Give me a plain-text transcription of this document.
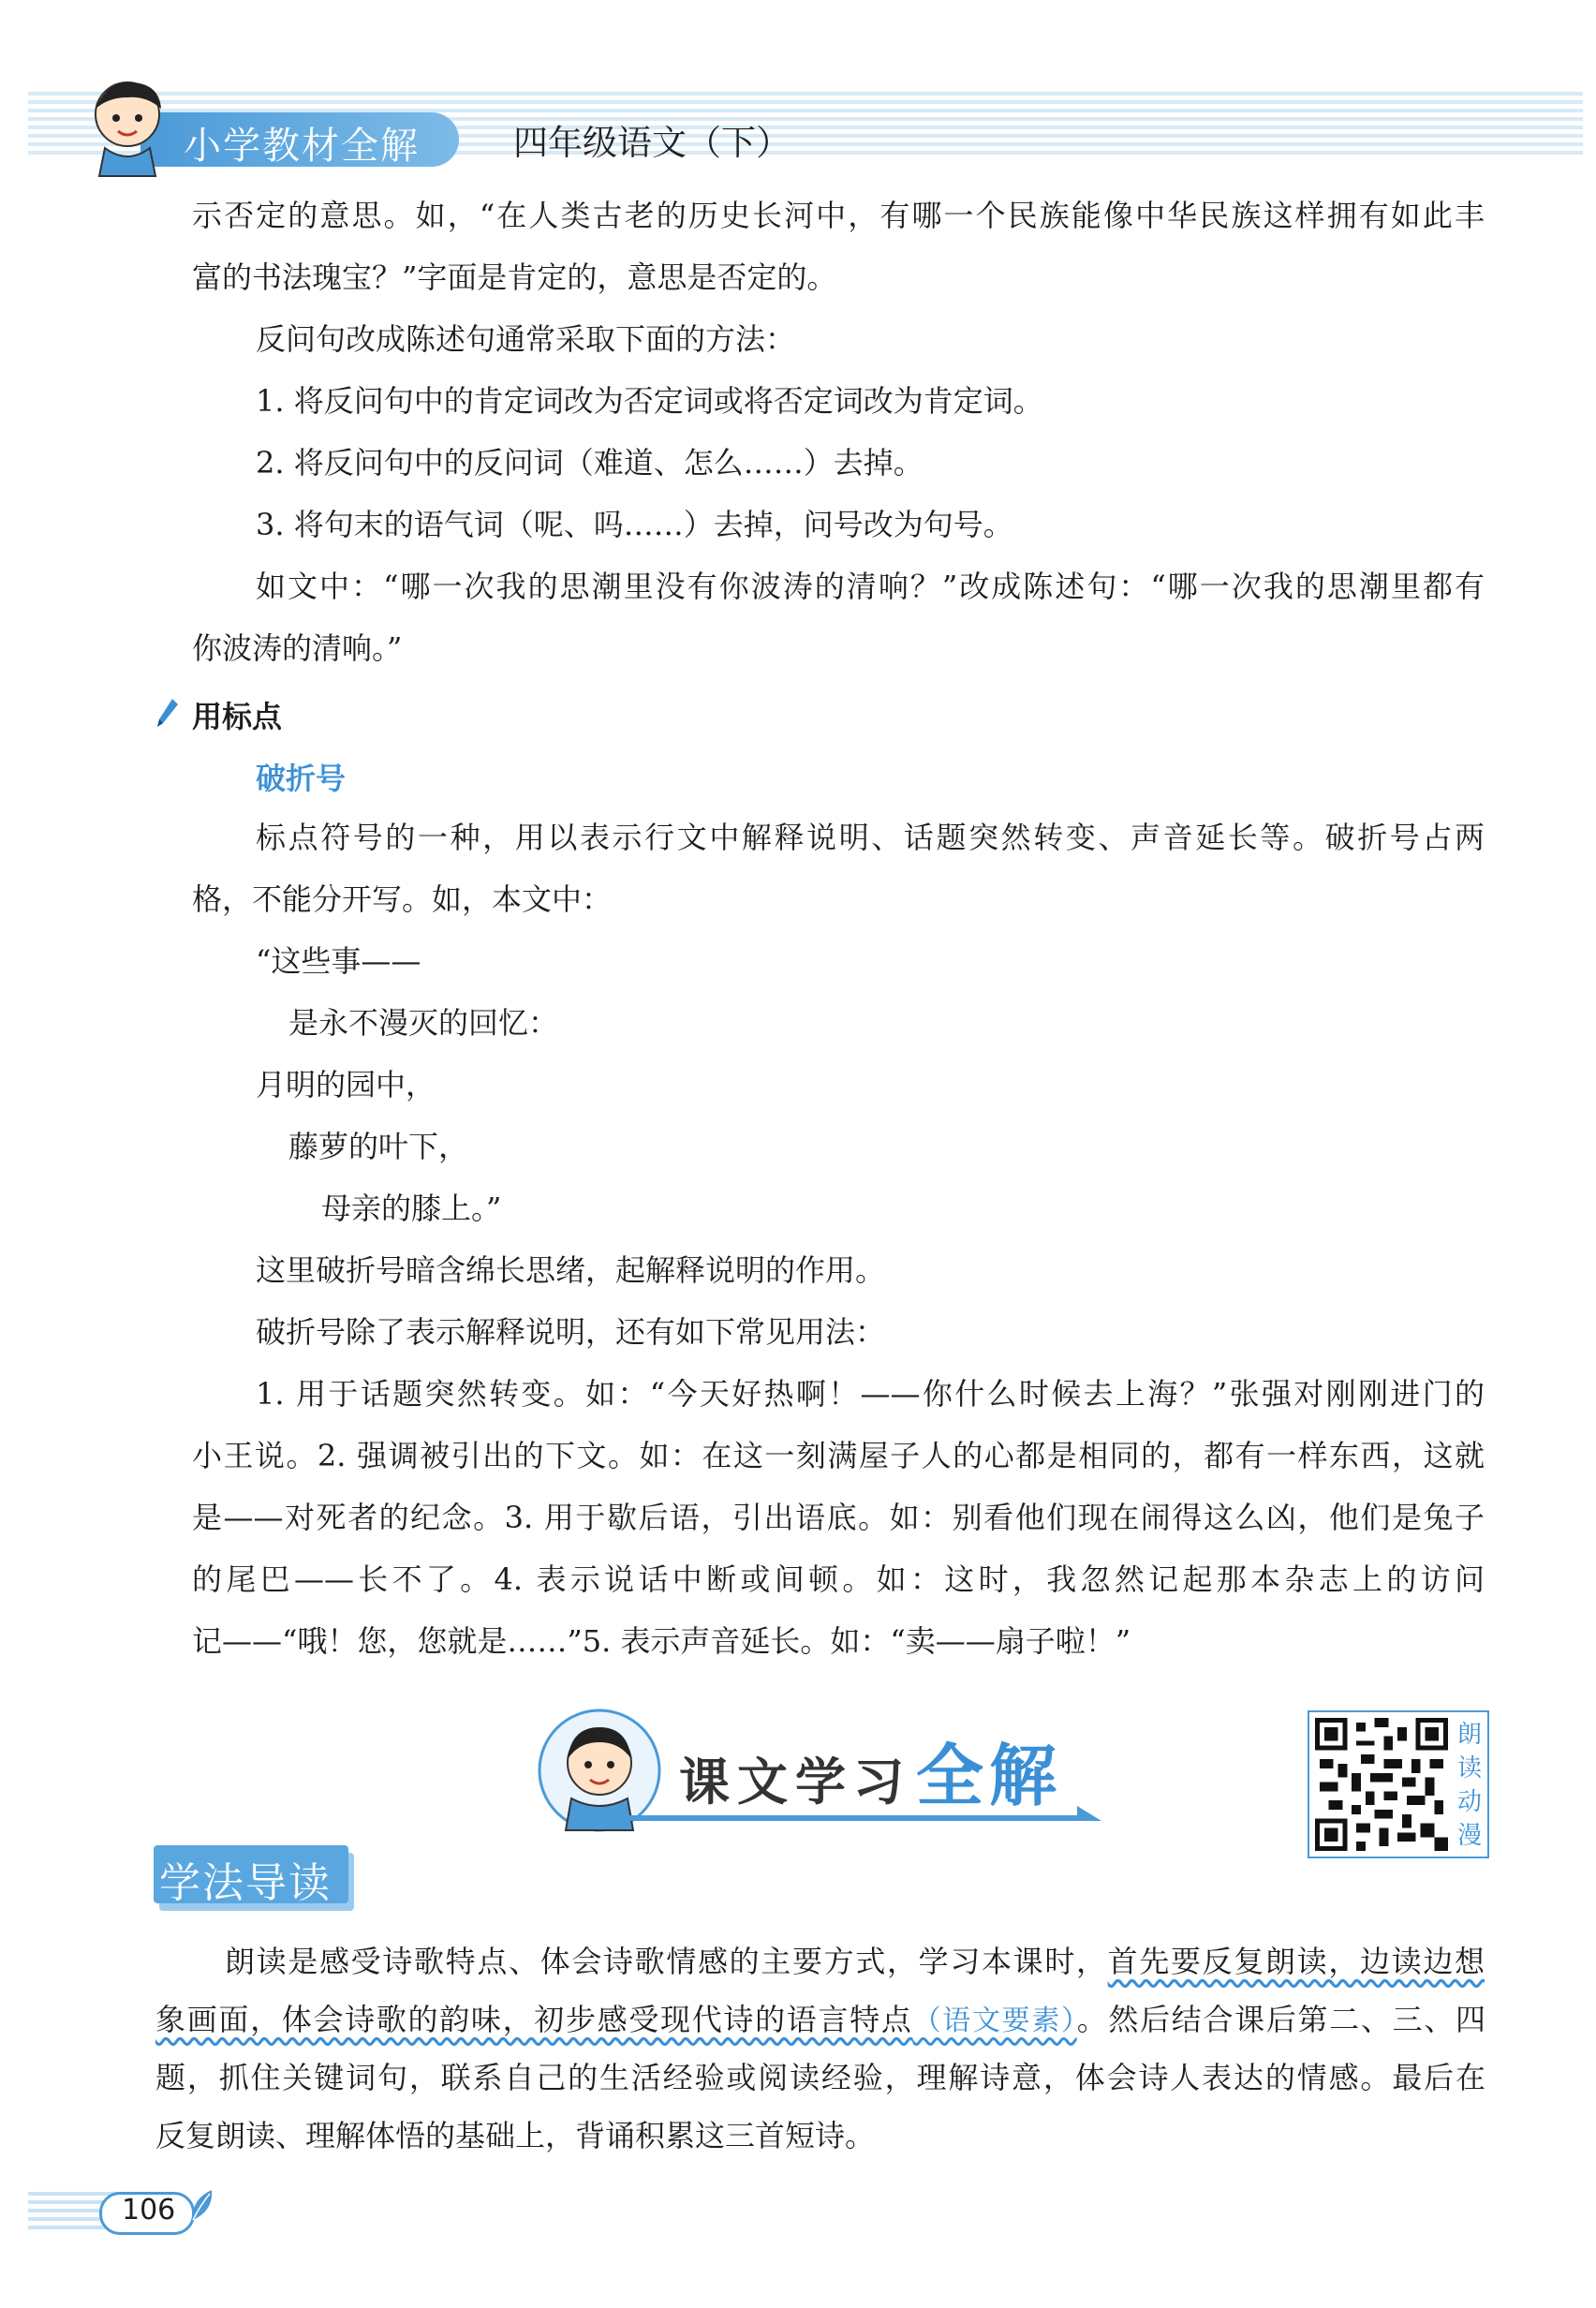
小学教材全解	四年级语文（下）
示否定的意思。如，“在人类古老的历史长河中，有哪一个民族能像中华民族这样拥有如此丰
富的书法瑰宝？”字面是肯定的，意思是否定的。
反问句改成陈述句通常采取下面的方法：
1. 将反问句中的肯定词改为否定词或将否定词改为肯定词。
2. 将反问句中的反问词（难道、怎么……）去掉。
3. 将句末的语气词（呢、吗……）去掉，问号改为句号。
如文中：“哪一次我的思潮里没有你波涛的清响？”改成陈述句：“哪一次我的思潮里都有
你波涛的清响。”
用标点
破折号
标点符号的一种，用以表示行文中解释说明、话题突然转变、声音延长等。破折号占两
格，不能分开写。如，本文中：
“这些事——
是永不漫灭的回忆：
月明的园中，
藤萝的叶下，
母亲的膝上。”
这里破折号暗含绵长思绪，起解释说明的作用。
破折号除了表示解释说明，还有如下常见用法：
1. 用于话题突然转变。如：“今天好热啊！——你什么时候去上海？”张强对刚刚进门的
小王说。2. 强调被引出的下文。如：在这一刻满屋子人的心都是相同的，都有一样东西，这就
是——对死者的纪念。3. 用于歇后语，引出语底。如：别看他们现在闹得这么凶，他们是兔子
的尾巴——长不了。4. 表示说话中断或间顿。如：这时，我忽然记起那本杂志上的访问
记——“哦！您，您就是……”5. 表示声音延长。如：“卖——扇子啦！”
课文学习 全解
朗
读
动
漫
学法导读
朗读是感受诗歌特点、体会诗歌情感的主要方式，学习本课时，首先要反复朗读，边读边想
象画面，体会诗歌的韵味，初步感受现代诗的语言特点（语文要素）。然后结合课后第二、三、四
题，抓住关键词句，联系自己的生活经验或阅读经验，理解诗意，体会诗人表达的情感。最后在
反复朗读、理解体悟的基础上，背诵积累这三首短诗。
106
